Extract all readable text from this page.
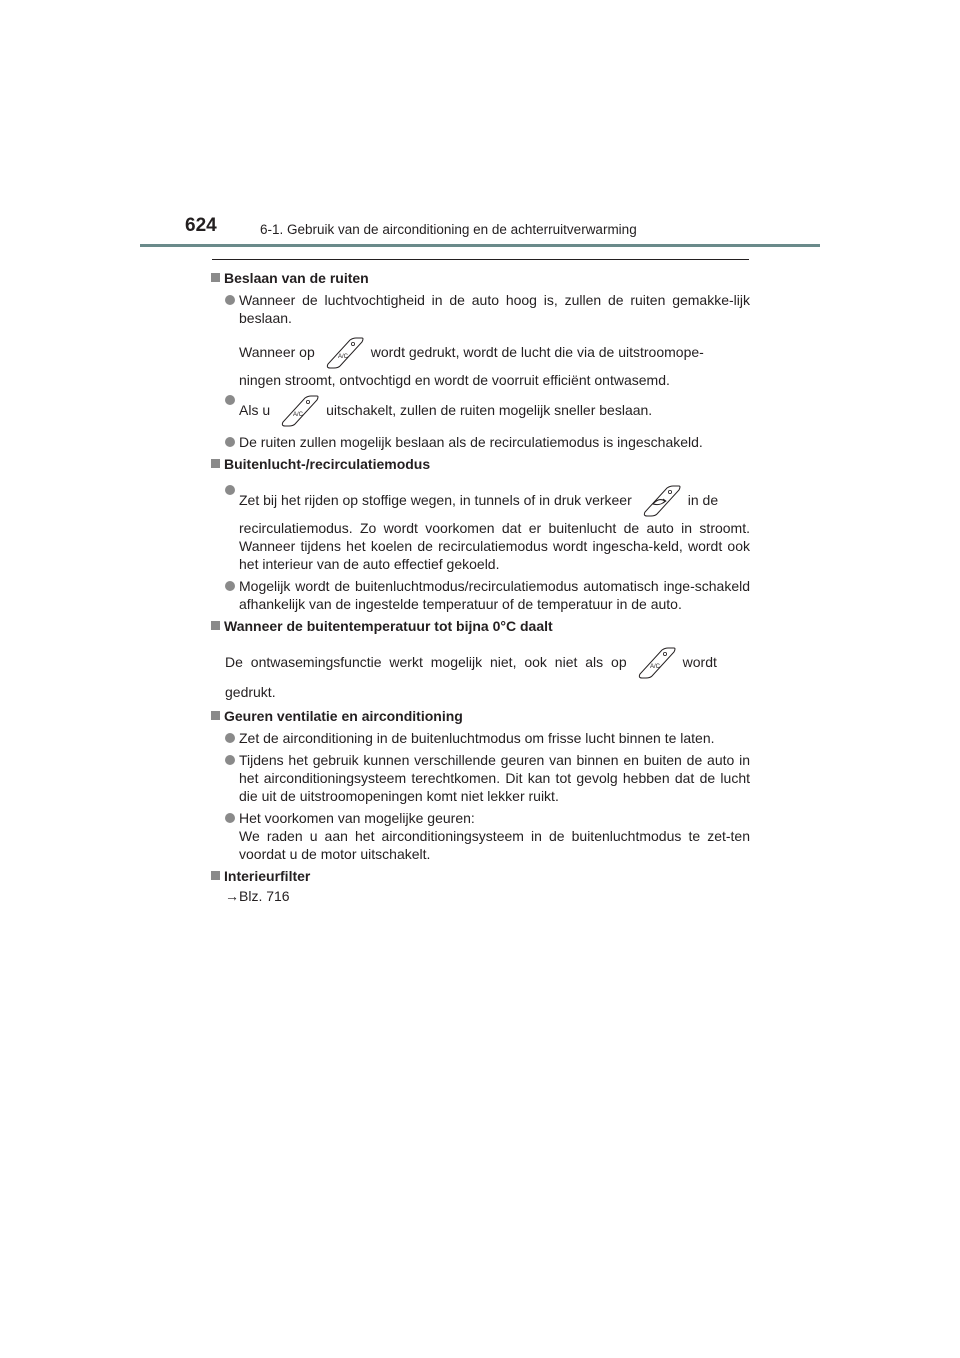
624	6-1. Gebruik van de airconditioning en de achterruitverwarming
Beslaan van de ruiten
Wanneer de luchtvochtigheid in de auto hoog is, zullen de ruiten gemakke-lijk beslaan.
Wanneer op	A/C wordt gedrukt, wordt de lucht die via de uitstroomope-
ningen stroomt, ontvochtigd en wordt de voorruit efficiënt ontwasemd.
Als u	A/C uitschakelt, zullen de ruiten mogelijk sneller beslaan.
De ruiten zullen mogelijk beslaan als de recirculatiemodus is ingeschakeld.
Buitenlucht-/recirculatiemodus
Zet bij het rijden op stoffige wegen, in tunnels of in druk verkeer	in de
recirculatiemodus. Zo wordt voorkomen dat er buitenlucht de auto in stroomt. Wanneer tijdens het koelen de recirculatiemodus wordt ingescha-keld, wordt ook het interieur van de auto effectief gekoeld.
Mogelijk wordt de buitenluchtmodus/recirculatiemodus automatisch inge-schakeld afhankelijk van de ingestelde temperatuur of de temperatuur in de auto.
Wanneer de buitentemperatuur tot bijna 0°C daalt
De ontwasemingsfunctie werkt mogelijk niet, ook niet als op	A/C wordt
gedrukt.
Geuren ventilatie en airconditioning
Zet de airconditioning in de buitenluchtmodus om frisse lucht binnen te laten.
Tijdens het gebruik kunnen verschillende geuren van binnen en buiten de auto in het airconditioningsysteem terechtkomen. Dit kan tot gevolg hebben dat de lucht die uit de uitstroomopeningen komt niet lekker ruikt.
Het voorkomen van mogelijke geuren:
We raden u aan het airconditioningsysteem in de buitenluchtmodus te zet-ten voordat u de motor uitschakelt.
Interieurfilter
→Blz. 716
